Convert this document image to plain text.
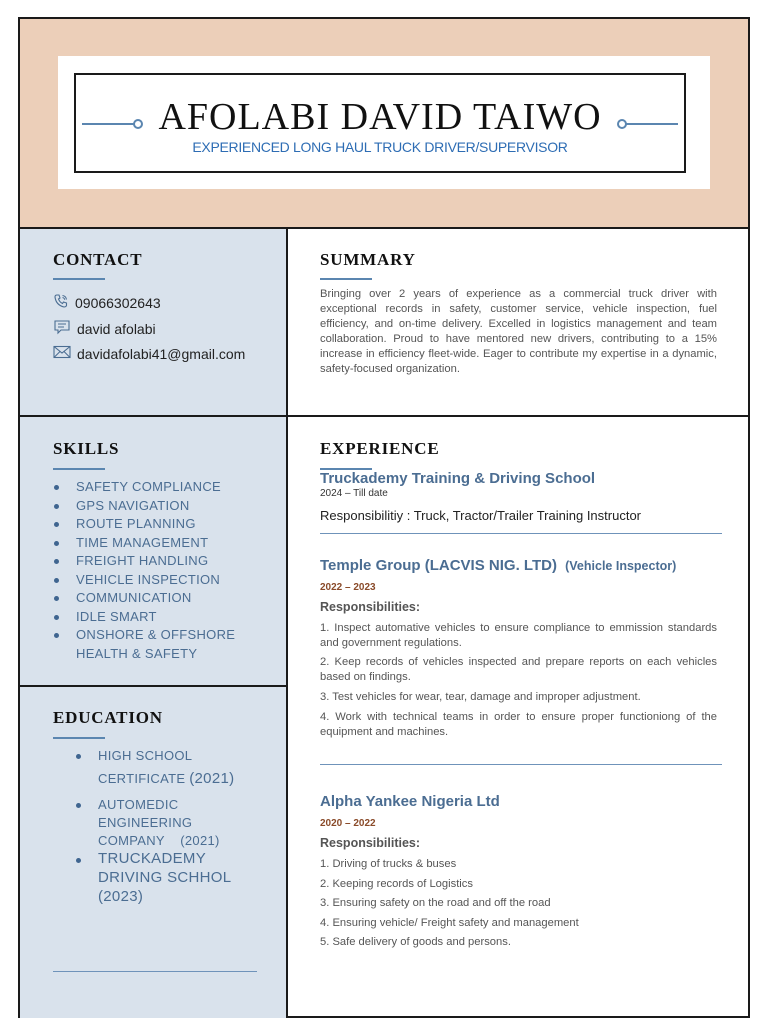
AFOLABI DAVID TAIWO
EXPERIENCED LONG HAUL TRUCK DRIVER/SUPERVISOR
CONTACT
09066302643
david afolabi
davidafolabi41@gmail.com
SKILLS
SAFETY COMPLIANCE
GPS NAVIGATION
ROUTE PLANNING
TIME MANAGEMENT
FREIGHT HANDLING
VEHICLE INSPECTION
COMMUNICATION
IDLE SMART
ONSHORE & OFFSHORE
HEALTH & SAFETY
EDUCATION
HIGH SCHOOL
CERTIFICATE (2021)
AUTOMEDIC
ENGINEERING
COMPANY    (2021)
TRUCKADEMY
DRIVING SCHHOL
(2023)
SUMMARY
Bringing over 2 years of experience as a commercial truck driver with exceptional records in safety, customer service, vehicle inspection, fuel efficiency, and on-time delivery. Excelled in logistics management and team collaboration. Proud to have mentored new drivers, contributing to a 15% increase in efficiency fleet-wide. Eager to contribute my expertise in a dynamic, safety-focused organization.
EXPERIENCE
Truckademy Training & Driving School
2024 – Till date
Responsibilitiy : Truck, Tractor/Trailer Training Instructor
Temple Group (LACVIS NIG. LTD) (Vehicle Inspector)
2022 – 2023
Responsibilities:
1. Inspect automative vehicles to ensure compliance to emmission standards and government regulations.
2. Keep records of vehicles inspected and prepare reports on each vehicles based on findings.
3. Test vehicles for wear, tear, damage and improper adjustment.
4. Work with technical teams in order to ensure proper functioniong of the equipment and machines.
Alpha Yankee Nigeria Ltd
2020 – 2022
Responsibilities:
1. Driving of trucks & buses
2. Keeping records of Logistics
3. Ensuring safety on the road and off the road
4. Ensuring vehicle/ Freight safety and management
5. Safe delivery of goods and persons.
